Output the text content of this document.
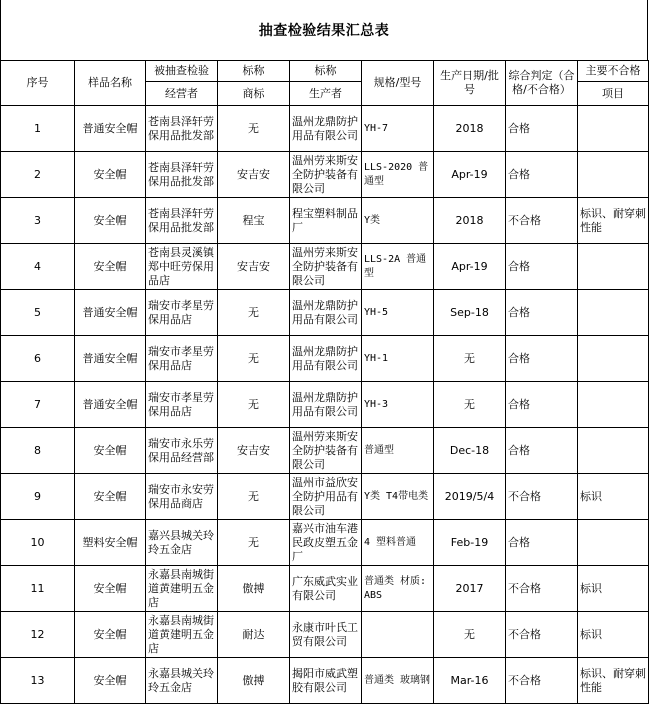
抽查检验结果汇总表
序号	样品名称	被抽查检验	标称	标称	规格/型号	生产日期/批号	综合判定（合格/不合格）	主要不合格
		经营者	商标	生产者				项目
1	普通安全帽	苍南县泽轩劳保用品批发部	无	温州龙鼎防护用品有限公司	YH-7	2018	合格	
2	安全帽	苍南县泽轩劳保用品批发部	安吉安	温州劳来斯安全防护装备有限公司	LLS-2020 普通型	Apr-19	合格	
3	安全帽	苍南县泽轩劳保用品批发部	程宝	程宝塑料制品厂	Y类	2018	不合格	标识、耐穿刺性能
4	安全帽	苍南县灵溪镇郑中旺劳保用品店	安吉安	温州劳来斯安全防护装备有限公司	LLS-2A 普通型	Apr-19	合格	
5	普通安全帽	瑞安市孝星劳保用品店	无	温州龙鼎防护用品有限公司	YH-5	Sep-18	合格	
6	普通安全帽	瑞安市孝星劳保用品店	无	温州龙鼎防护用品有限公司	YH-1	无	合格	
7	普通安全帽	瑞安市孝星劳保用品店	无	温州龙鼎防护用品有限公司	YH-3	无	合格	
8	安全帽	瑞安市永乐劳保用品经营部	安吉安	温州劳来斯安全防护装备有限公司	普通型	Dec-18	合格	
9	安全帽	瑞安市永安劳保用品商店	无	温州市益欣安全防护用品有限公司	Y类 T4带电类	2019/5/4	不合格	标识
10	塑料安全帽	嘉兴县城关玲玲五金店	无	嘉兴市油车港民政皮塑五金厂	4 塑料普通	Feb-19	合格	
11	安全帽	永嘉县南城街道黄建明五金店	傲搏	广东威武实业有限公司	普通类 材质:ABS	2017	不合格	标识
12	安全帽	永嘉县南城街道黄建明五金店	耐达	永康市叶氏工贸有限公司		无	不合格	标识
13	安全帽	永嘉县城关玲玲五金店	傲搏	揭阳市威武塑胶有限公司	普通类 玻璃钢	Mar-16	不合格	标识、耐穿刺性能
